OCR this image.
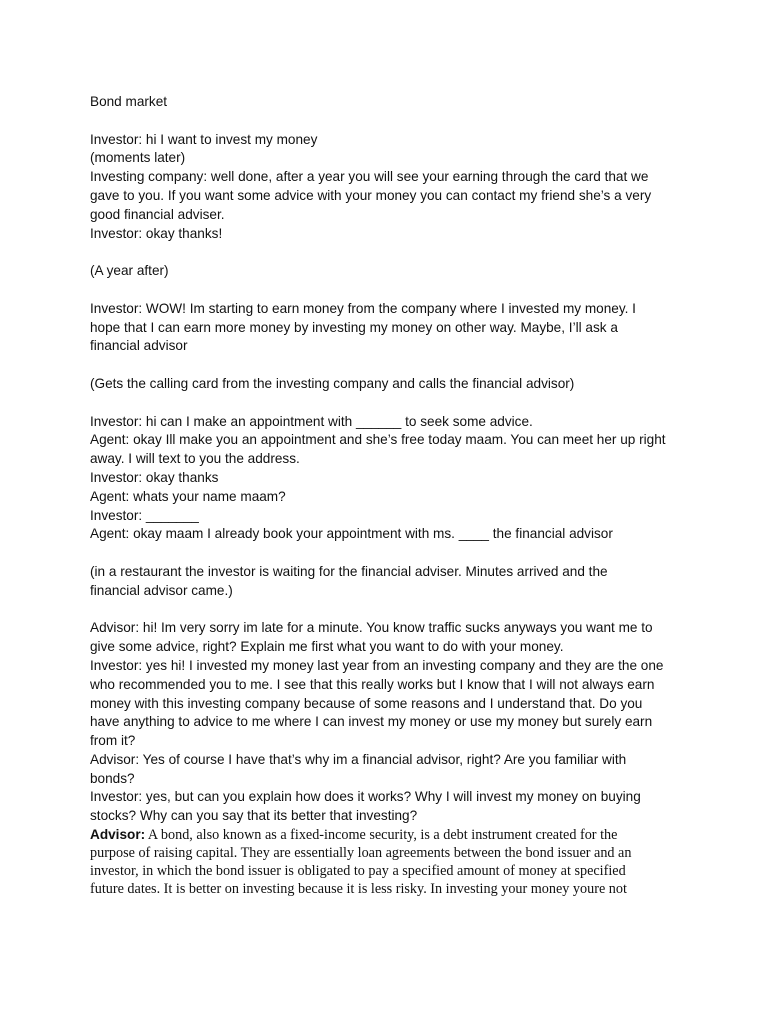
Bond market
Investor: hi I want to invest my money
(moments later)
Investing company: well done, after a year you will see your earning through the card that we
gave to you. If you want some advice with your money you can contact my friend she’s a very
good financial adviser.
Investor: okay thanks!
(A year after)
Investor: WOW! Im starting to earn money from the company where I invested my money. I
hope that I can earn more money by investing my money on other way. Maybe, I’ll ask a
financial advisor
(Gets the calling card from the investing company and calls the financial advisor)
Investor: hi can I make an appointment with ______ to seek some advice.
Agent: okay Ill make you an appointment and she’s free today maam. You can meet her up right
away. I will text to you the address.
Investor: okay thanks
Agent: whats your name maam?
Investor: _______
Agent: okay maam I already book your appointment with ms. ____ the financial advisor
(in a restaurant the investor is waiting for the financial adviser. Minutes arrived and the
financial advisor came.)
Advisor: hi! Im very sorry im late for a minute. You know traffic sucks anyways you want me to
give some advice, right? Explain me first what you want to do with your money.
Investor: yes hi! I invested my money last year from an investing company and they are the one
who recommended you to me. I see that this really works but I know that I will not always earn
money with this investing company because of some reasons and I understand that. Do you
have anything to advice to me where I can invest my money or use my money but surely earn
from it?
Advisor: Yes of course I have that’s why im a financial advisor, right? Are you familiar with
bonds?
Investor: yes, but can you explain how does it works? Why I will invest my money on buying
stocks? Why can you say that its better that investing?
Advisor: A bond, also known as a fixed-income security, is a debt instrument created for the
purpose of raising capital. They are essentially loan agreements between the bond issuer and an
investor, in which the bond issuer is obligated to pay a specified amount of money at specified
future dates. It is better on investing because it is less risky. In investing your money youre not
